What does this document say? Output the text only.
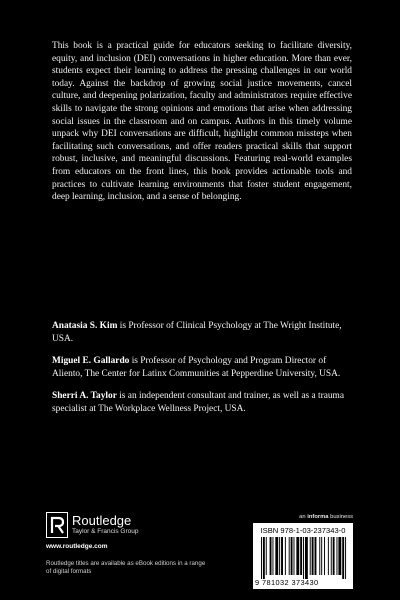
This book is a practical guide for educators seeking to facilitate diversity, equity, and inclusion (DEI) conversations in higher education. More than ever, students expect their learning to address the pressing challenges in our world today. Against the backdrop of growing social justice movements, cancel culture, and deepening polarization, faculty and administrators require effective skills to navigate the strong opinions and emotions that arise when addressing social issues in the classroom and on campus. Authors in this timely volume unpack why DEI conversations are difficult, highlight common missteps when facilitating such conversations, and offer readers practical skills that support robust, inclusive, and meaningful discussions. Featuring real-world examples from educators on the front lines, this book provides actionable tools and practices to cultivate learning environments that foster student engagement, deep learning, inclusion, and a sense of belonging.

Anatasia S. Kim is Professor of Clinical Psychology at The Wright Institute, USA.

Miguel E. Gallardo is Professor of Psychology and Program Director of Aliento, The Center for Latinx Communities at Pepperdine University, USA.

Sherri A. Taylor is an independent consultant and trainer, as well as a trauma specialist at The Workplace Wellness Project, USA.

Routledge
Taylor & Francis Group
www.routledge.com
Routledge titles are available as eBook editions in a range of digital formats
an informa business
ISBN 978-1-03-237343-0
9 781032 373430
